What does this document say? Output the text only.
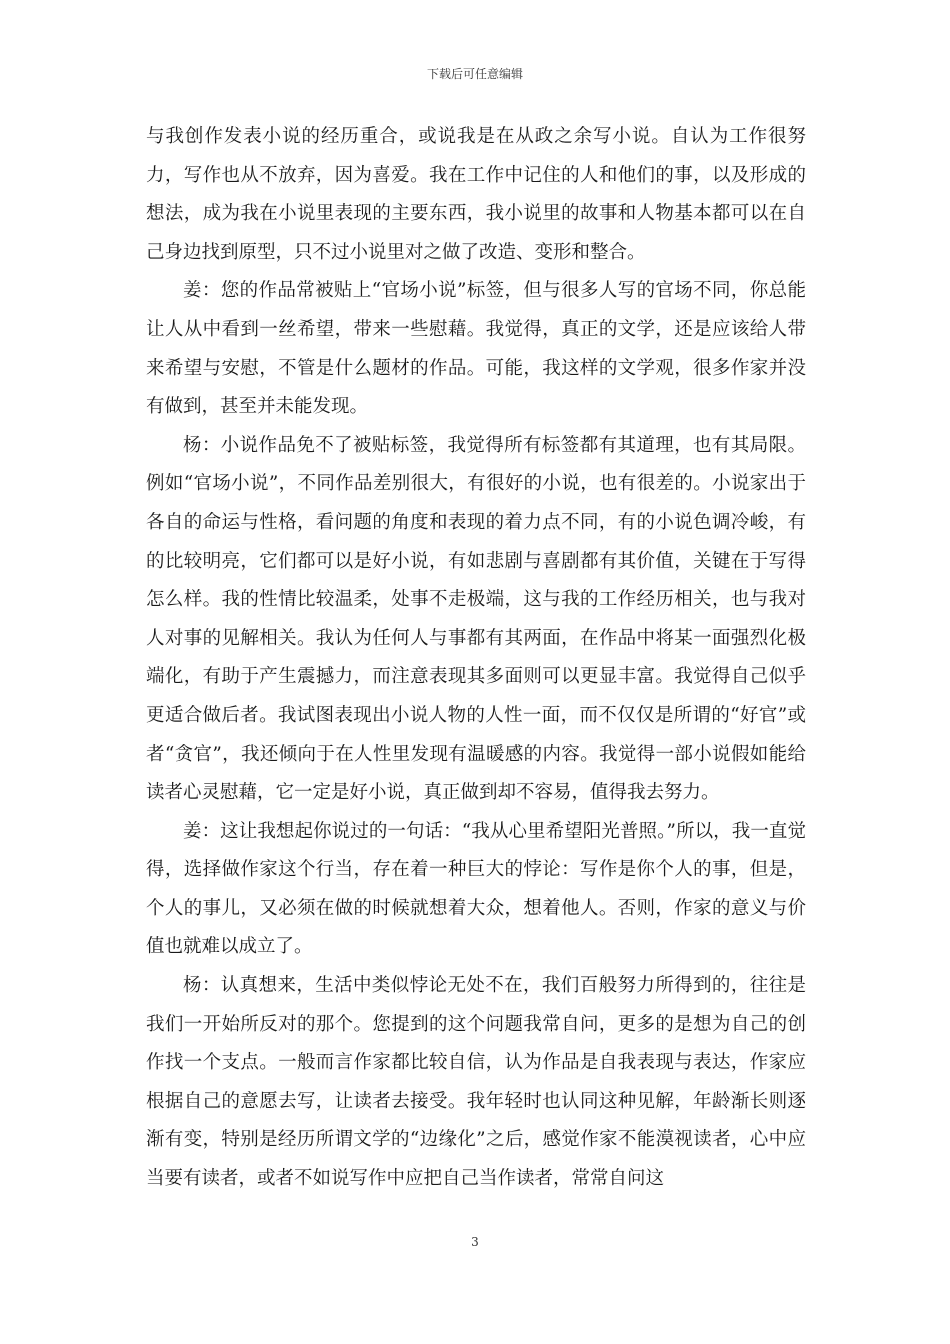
下载后可任意编辑

与我创作发表小说的经历重合，或说我是在从政之余写小说。自认为工作很努力，写作也从不放弃，因为喜爱。我在工作中记住的人和他们的事，以及形成的想法，成为我在小说里表现的主要东西，我小说里的故事和人物基本都可以在自己身边找到原型，只不过小说里对之做了改造、变形和整合。

姜：您的作品常被贴上“官场小说”标签，但与很多人写的官场不同，你总能让人从中看到一丝希望，带来一些慰藉。我觉得，真正的文学，还是应该给人带来希望与安慰，不管是什么题材的作品。可能，我这样的文学观，很多作家并没有做到，甚至并未能发现。

杨：小说作品免不了被贴标签，我觉得所有标签都有其道理，也有其局限。例如“官场小说”，不同作品差别很大，有很好的小说，也有很差的。小说家出于各自的命运与性格，看问题的角度和表现的着力点不同，有的小说色调冷峻，有的比较明亮，它们都可以是好小说，有如悲剧与喜剧都有其价值，关键在于写得怎么样。我的性情比较温柔，处事不走极端，这与我的工作经历相关，也与我对人对事的见解相关。我认为任何人与事都有其两面，在作品中将某一面强烈化极端化，有助于产生震撼力，而注意表现其多面则可以更显丰富。我觉得自己似乎更适合做后者。我试图表现出小说人物的人性一面，而不仅仅是所谓的“好官”或者“贪官”，我还倾向于在人性里发现有温暖感的内容。我觉得一部小说假如能给读者心灵慰藉，它一定是好小说，真正做到却不容易，值得我去努力。

姜：这让我想起你说过的一句话：“我从心里希望阳光普照。”所以，我一直觉得，选择做作家这个行当，存在着一种巨大的悖论：写作是你个人的事，但是，个人的事儿，又必须在做的时候就想着大众，想着他人。否则，作家的意义与价值也就难以成立了。

杨：认真想来，生活中类似悖论无处不在，我们百般努力所得到的，往往是我们一开始所反对的那个。您提到的这个问题我常自问，更多的是想为自己的创作找一个支点。一般而言作家都比较自信，认为作品是自我表现与表达，作家应根据自己的意愿去写，让读者去接受。我年轻时也认同这种见解，年龄渐长则逐渐有变，特别是经历所谓文学的“边缘化”之后，感觉作家不能漠视读者，心中应当要有读者，或者不如说写作中应把自己当作读者，常常自问这

3
